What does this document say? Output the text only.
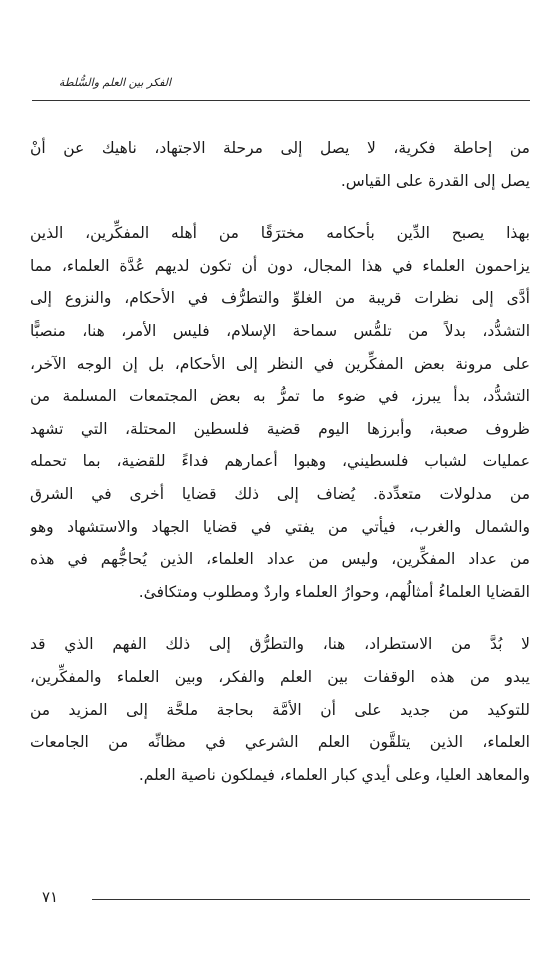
الفكر بين العلم والسُّلطة
من إحاطة فكرية، لا يصل إلى مرحلة الاجتهاد، ناهيك عن أنْ
يصل إلى القدرة على القياس.
بهذا يصبح الدِّين بأحكامه مخترَقًا من أهله المفكِّرين، الذين
يزاحمون العلماء في هذا المجال، دون أن تكون لديهم عُدَّة العلماء، مما
أدَّى إلى نظرات قريبة من الغلوِّ والتطرُّف في الأحكام، والنزوع إلى
التشدُّد، بدلاً من تلمُّس سماحة الإسلام، فليس الأمر، هنا، منصبًّا
على مرونة بعض المفكِّرين في النظر إلى الأحكام، بل إن الوجه الآخر،
التشدُّد، بدأ يبرز، في ضوء ما تمرُّ به بعض المجتمعات المسلمة من
ظروف صعبة، وأبرزها اليوم قضية فلسطين المحتلة، التي تشهد
عمليات لشباب فلسطيني، وهبوا أعمارهم فداءً للقضية، بما تحمله
من مدلولات متعدِّدة. يُضاف إلى ذلك قضايا أخرى في الشرق
والشمال والغرب، فيأتي من يفتي في قضايا الجهاد والاستشهاد وهو
من عداد المفكِّرين، وليس من عداد العلماء، الذين يُحاجُّهم في هذه
القضايا العلماءُ أمثالُهم، وحوارُ العلماء واردٌ ومطلوب ومتكافئ.
لا بُدَّ من الاستطراد، هنا، والتطرُّق إلى ذلك الفهم الذي قد
يبدو من هذه الوقفات بين العلم والفكر، وبين العلماء والمفكِّرين،
للتوكيد من جديد على أن الأمَّة بحاجة ملحَّة إلى المزيد من
العلماء، الذين يتلقَّون العلم الشرعي في مظانِّه من الجامعات
والمعاهد العليا، وعلى أيدي كبار العلماء، فيملكون ناصية العلم.
٧١
